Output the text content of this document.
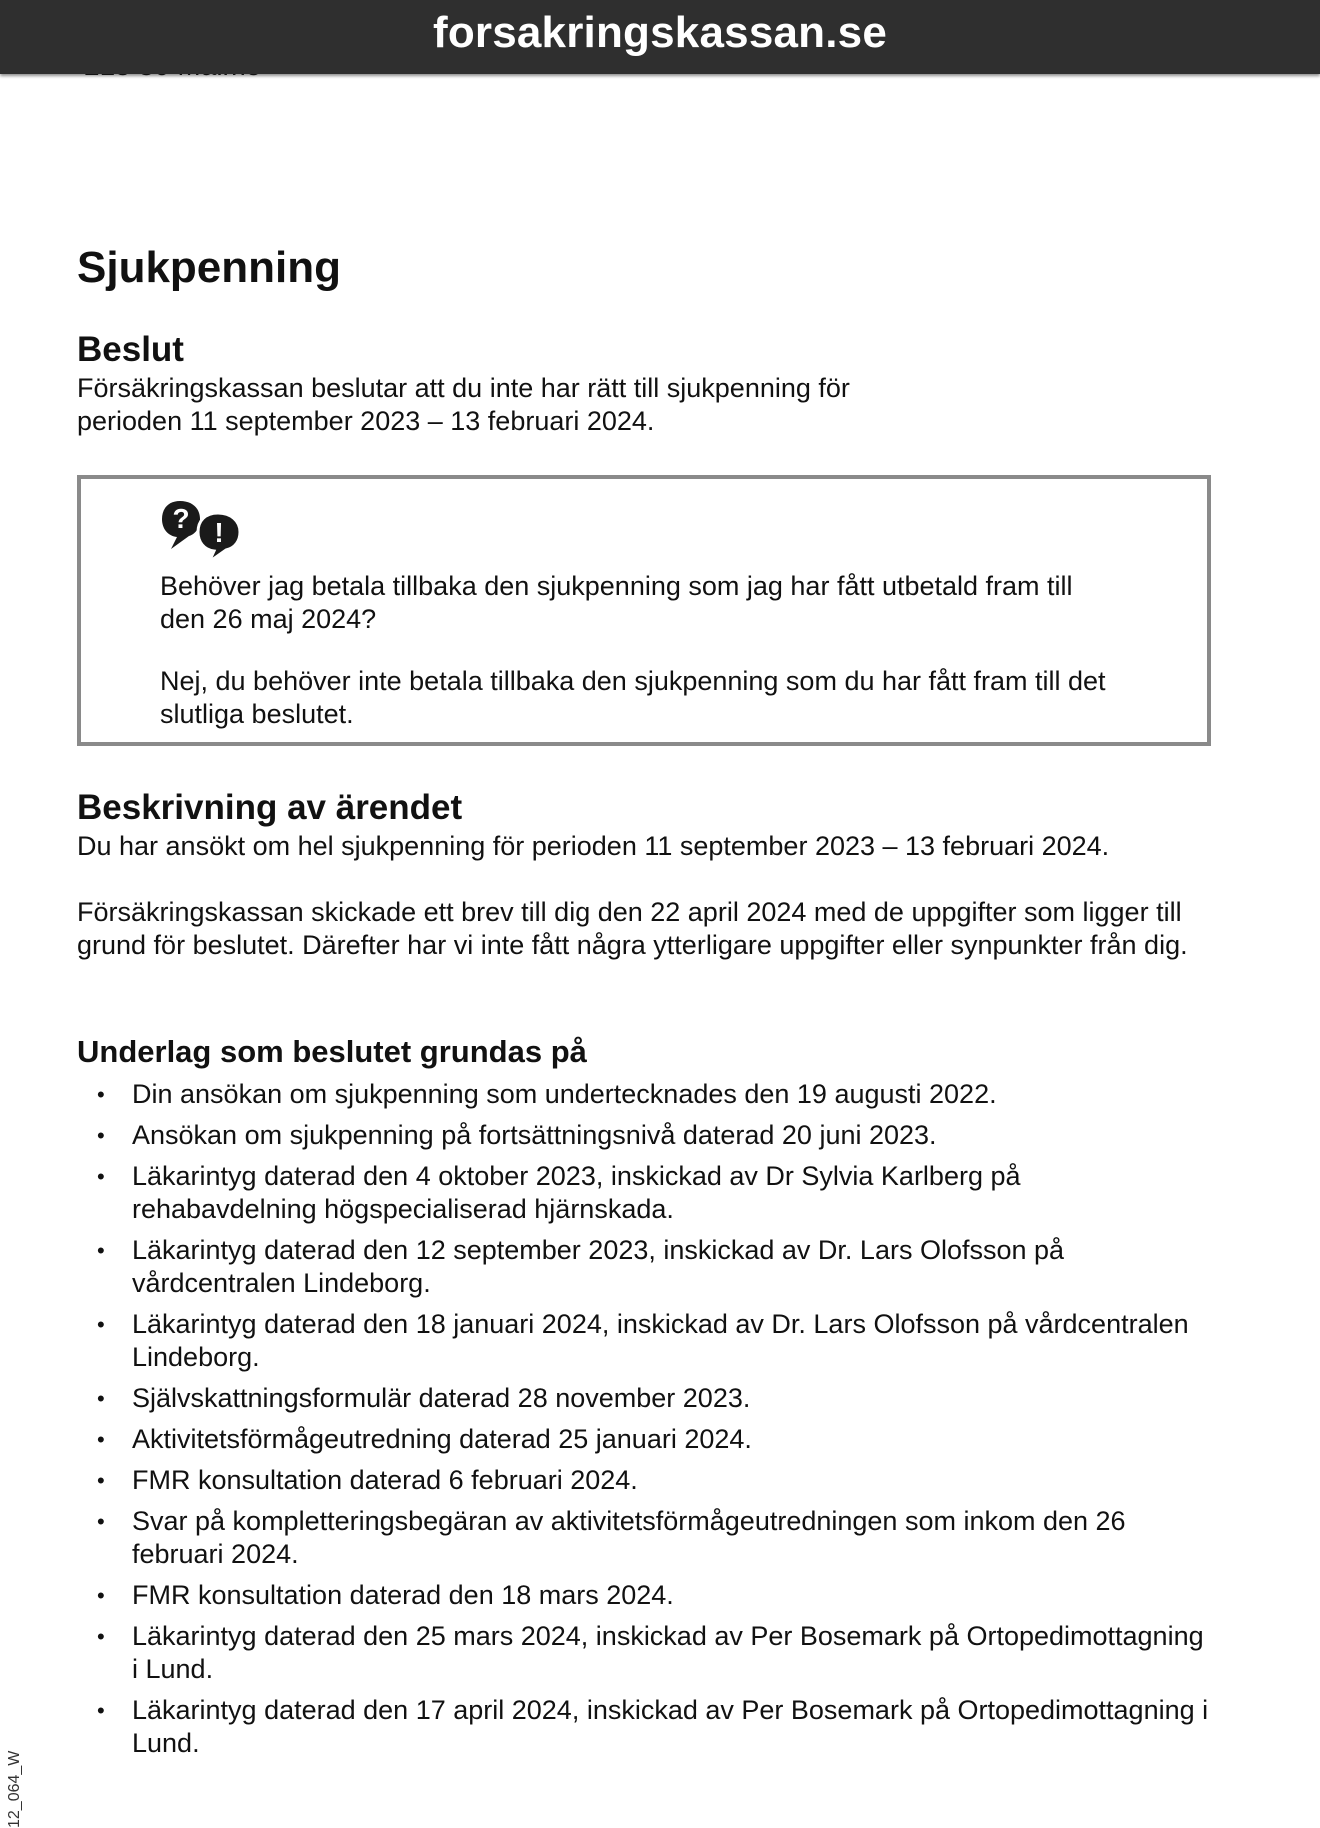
forsakringskassan.se
Sjukpenning
Beslut

Försäkringskassan beslutar att du inte har rätt till sjukpenning för

perioden 11 september 2023 – 13 februari 2024.

? !

Behöver jag betala tillbaka den sjukpenning som jag har fått utbetald fram till den 26 maj 2024?

Nej, du behöver inte betala tillbaka den sjukpenning som du har fått fram till det slutliga beslutet.

Beskrivning av ärendet

Du har ansökt om hel sjukpenning för perioden 11 september 2023 – 13 februari 2024.

Försäkringskassan skickade ett brev till dig den 22 april 2024 med de uppgifter som ligger till grund för beslutet. Därefter har vi inte fått några ytterligare uppgifter eller synpunkter från dig.

Underlag som beslutet grundas på
• Din ansökan om sjukpenning som undertecknades den 19 augusti 2022.
• Ansökan om sjukpenning på fortsättningsnivå daterad 20 juni 2023.
• Läkarintyg daterad den 4 oktober 2023, inskickad av Dr Sylvia Karlberg på rehabavdelning högspecialiserad hjärnskada.
• Läkarintyg daterad den 12 september 2023, inskickad av Dr. Lars Olofsson på vårdcentralen Lindeborg.
• Läkarintyg daterad den 18 januari 2024, inskickad av Dr. Lars Olofsson på vårdcentralen Lindeborg.
• Självskattningsformulär daterad 28 november 2023.
• Aktivitetsförmågeutredning daterad 25 januari 2024.
• FMR konsultation daterad 6 februari 2024.
• Svar på kompletteringsbegäran av aktivitetsförmågeutredningen som inkom den 26 februari 2024.
• FMR konsultation daterad den 18 mars 2024.
• Läkarintyg daterad den 25 mars 2024, inskickad av Per Bosemark på Ortopedimottagning i Lund.
• Läkarintyg daterad den 17 april 2024, inskickad av Per Bosemark på Ortopedimottagning i Lund.
12_064_W
